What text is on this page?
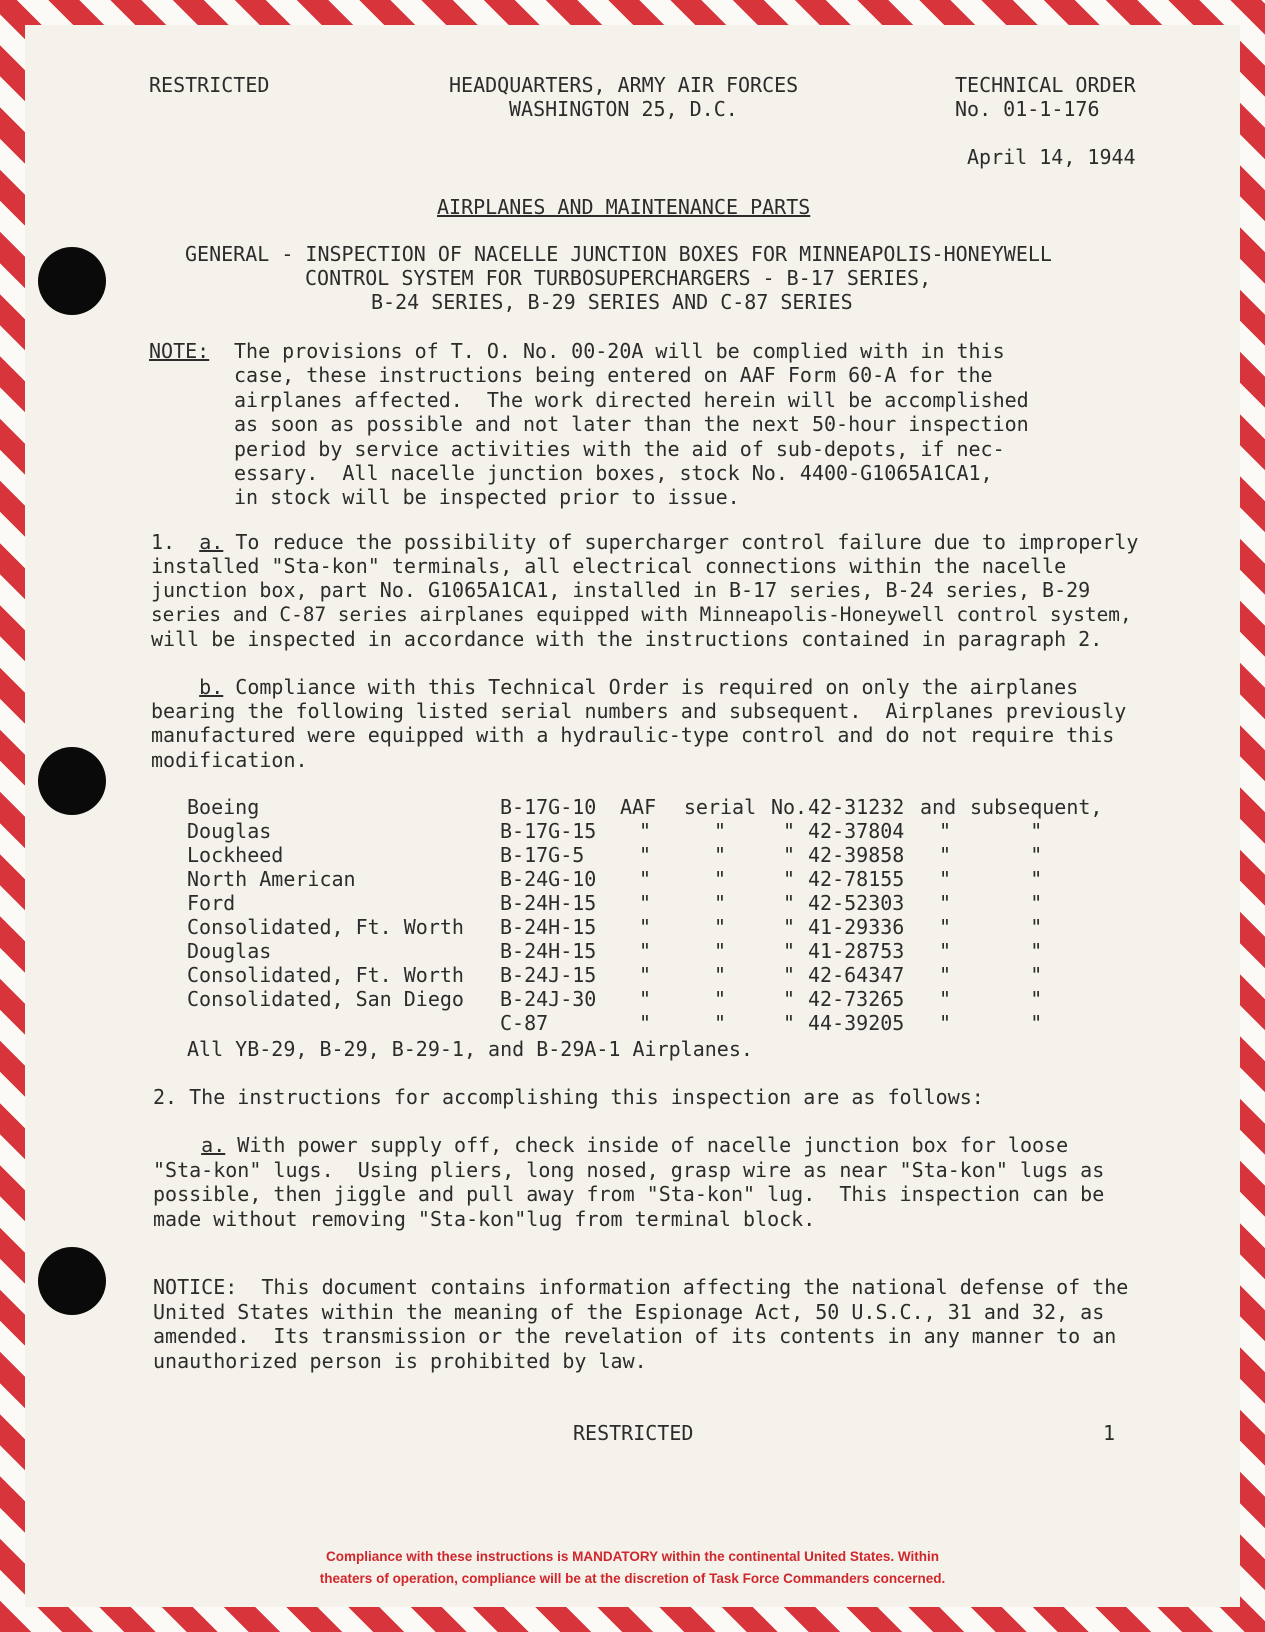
RESTRICTED	HEADQUARTERS, ARMY AIR FORCES
WASHINGTON 25, D.C.
TECHNICAL ORDER
No. 01-1-176
April 14, 1944
AIRPLANES AND MAINTENANCE PARTS
GENERAL - INSPECTION OF NACELLE JUNCTION BOXES FOR MINNEAPOLIS-HONEYWELL
CONTROL SYSTEM FOR TURBOSUPERCHARGERS - B-17 SERIES,
B-24 SERIES, B-29 SERIES AND C-87 SERIES
NOTE: The provisions of T. O. No. 00-20A will be complied with in this
case, these instructions being entered on AAF Form 60-A for the
airplanes affected.  The work directed herein will be accomplished
as soon as possible and not later than the next 50-hour inspection
period by service activities with the aid of sub-depots, if nec-
essary.  All nacelle junction boxes, stock No. 4400-G1065A1CA1,
in stock will be inspected prior to issue.
1. a. To reduce the possibility of supercharger control failure due to improperly
installed "Sta-kon" terminals, all electrical connections within the nacelle
junction box, part No. G1065A1CA1, installed in B-17 series, B-24 series, B-29
series and C-87 series airplanes equipped with Minneapolis-Honeywell control system,
will be inspected in accordance with the instructions contained in paragraph 2.
b. Compliance with this Technical Order is required on only the airplanes
bearing the following listed serial numbers and subsequent.  Airplanes previously
manufactured were equipped with a hydraulic-type control and do not require this
modification.
Boeing	B-17G-10	AAF	serial	No.	42-31232	and	subsequent,
Douglas	B-17G-15	"	"	"	42-37804	"	"
Lockheed	B-17G-5	"	"	"	42-39858	"	"
North American	B-24G-10	"	"	"	42-78155	"	"
Ford	B-24H-15	"	"	"	42-52303	"	"
Consolidated, Ft. Worth	B-24H-15	"	"	"	41-29336	"	"
Douglas	B-24H-15	"	"	"	41-28753	"	"
Consolidated, Ft. Worth	B-24J-15	"	"	"	42-64347	"	"
Consolidated, San Diego	B-24J-30	"	"	"	42-73265	"	"
	C-87	"	"	"	44-39205	"	"
All YB-29, B-29, B-29-1, and B-29A-1 Airplanes.
2. The instructions for accomplishing this inspection are as follows:
a. With power supply off, check inside of nacelle junction box for loose
"Sta-kon" lugs.  Using pliers, long nosed, grasp wire as near "Sta-kon" lugs as
possible, then jiggle and pull away from "Sta-kon" lug.  This inspection can be
made without removing "Sta-kon"lug from terminal block.
NOTICE:  This document contains information affecting the national defense of the
United States within the meaning of the Espionage Act, 50 U.S.C., 31 and 32, as
amended.  Its transmission or the revelation of its contents in any manner to an
unauthorized person is prohibited by law.
RESTRICTED	1
Compliance with these instructions is MANDATORY within the continental United States. Within
theaters of operation, compliance will be at the discretion of Task Force Commanders concerned.
